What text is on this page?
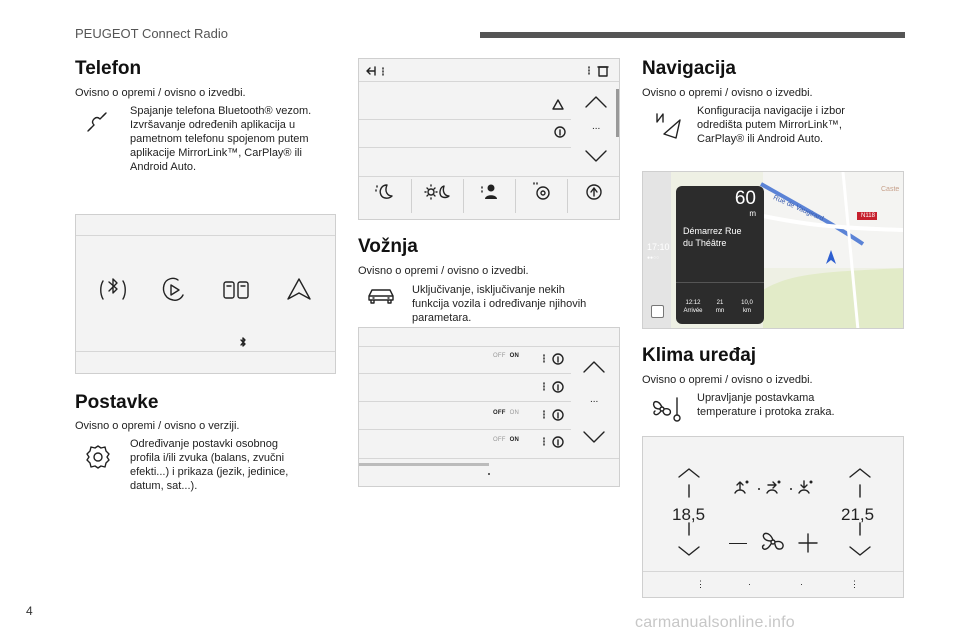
PEUGEOT Connect Radio
Telefon
Ovisno o opremi / ovisno o izvedbi.
Spajanje telefona Bluetooth® vezom.
Izvršavanje određenih aplikacija u
pametnom telefonu spojenom putem
aplikacije MirrorLink™, CarPlay® ili
Android Auto.
Postavke
Ovisno o opremi / ovisno o verziji.
Određivanje postavki osobnog
profila i/ili zvuka (balans, zvučni
efekti...) i prikaza (jezik, jedinice,
datum, sat...).
...
Vožnja
Ovisno o opremi / ovisno o izvedbi.
Uključivanje, isključivanje nekih
funkcija vozila i određivanje njihovih
parametara.
OFF ON
OFF ON
OFF ON
...
Navigacija
Ovisno o opremi / ovisno o izvedbi.
Konfiguracija navigacije i izbor
odredišta putem MirrorLink™,
CarPlay® ili Android Auto.
Caste
N118
Rue de Vaugirard
17:10
●●○○
60
m
Démarrez Rue
du Théâtre
12:12
Arrivée
21
mn
10,0
km
Klima uređaj
Ovisno o opremi / ovisno o izvedbi.
Upravljanje postavkama
temperature i protoka zraka.
18,5	21,5
⋮	·	·	⋮
4
carmanualsonline.info
